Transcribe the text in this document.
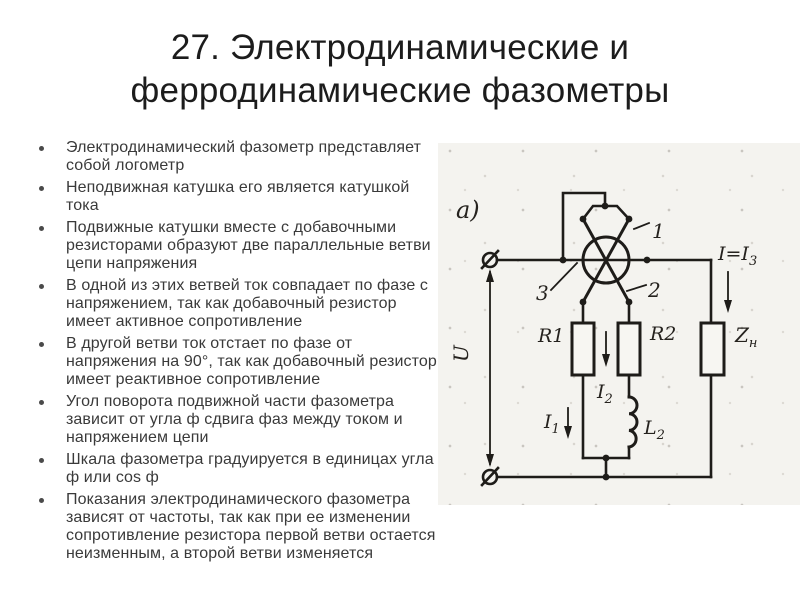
27. Электродинамические и
ферродинамические фазометры
Электродинамический фазометр представляет собой логометр
Неподвижная катушка его является катушкой тока
Подвижные катушки вместе с добавочными резисторами образуют две параллельные ветви цепи напряжения
В одной из этих ветвей ток совпадает по фазе с напряжением, так как добавочный резистор имеет активное сопротивление
В другой ветви ток отстает по фазе от напряжения на 90°, так как добавочный резистор имеет реактивное сопротивление
Угол поворота подвижной части фазометра зависит от угла ф сдвига фаз между током и напряжением цепи
Шкала фазометра градуируется в единицах угла ф или cos ф
Показания электродинамического фазометра зависят от частоты, так как при ее изменении сопротивление резистора первой ветви остается неизменным, а второй ветви изменяется
а)
U
1
2
3
R1	R2	$Z_н$
$I=I_3$
$I_1$
$I_2$
$L_2$
